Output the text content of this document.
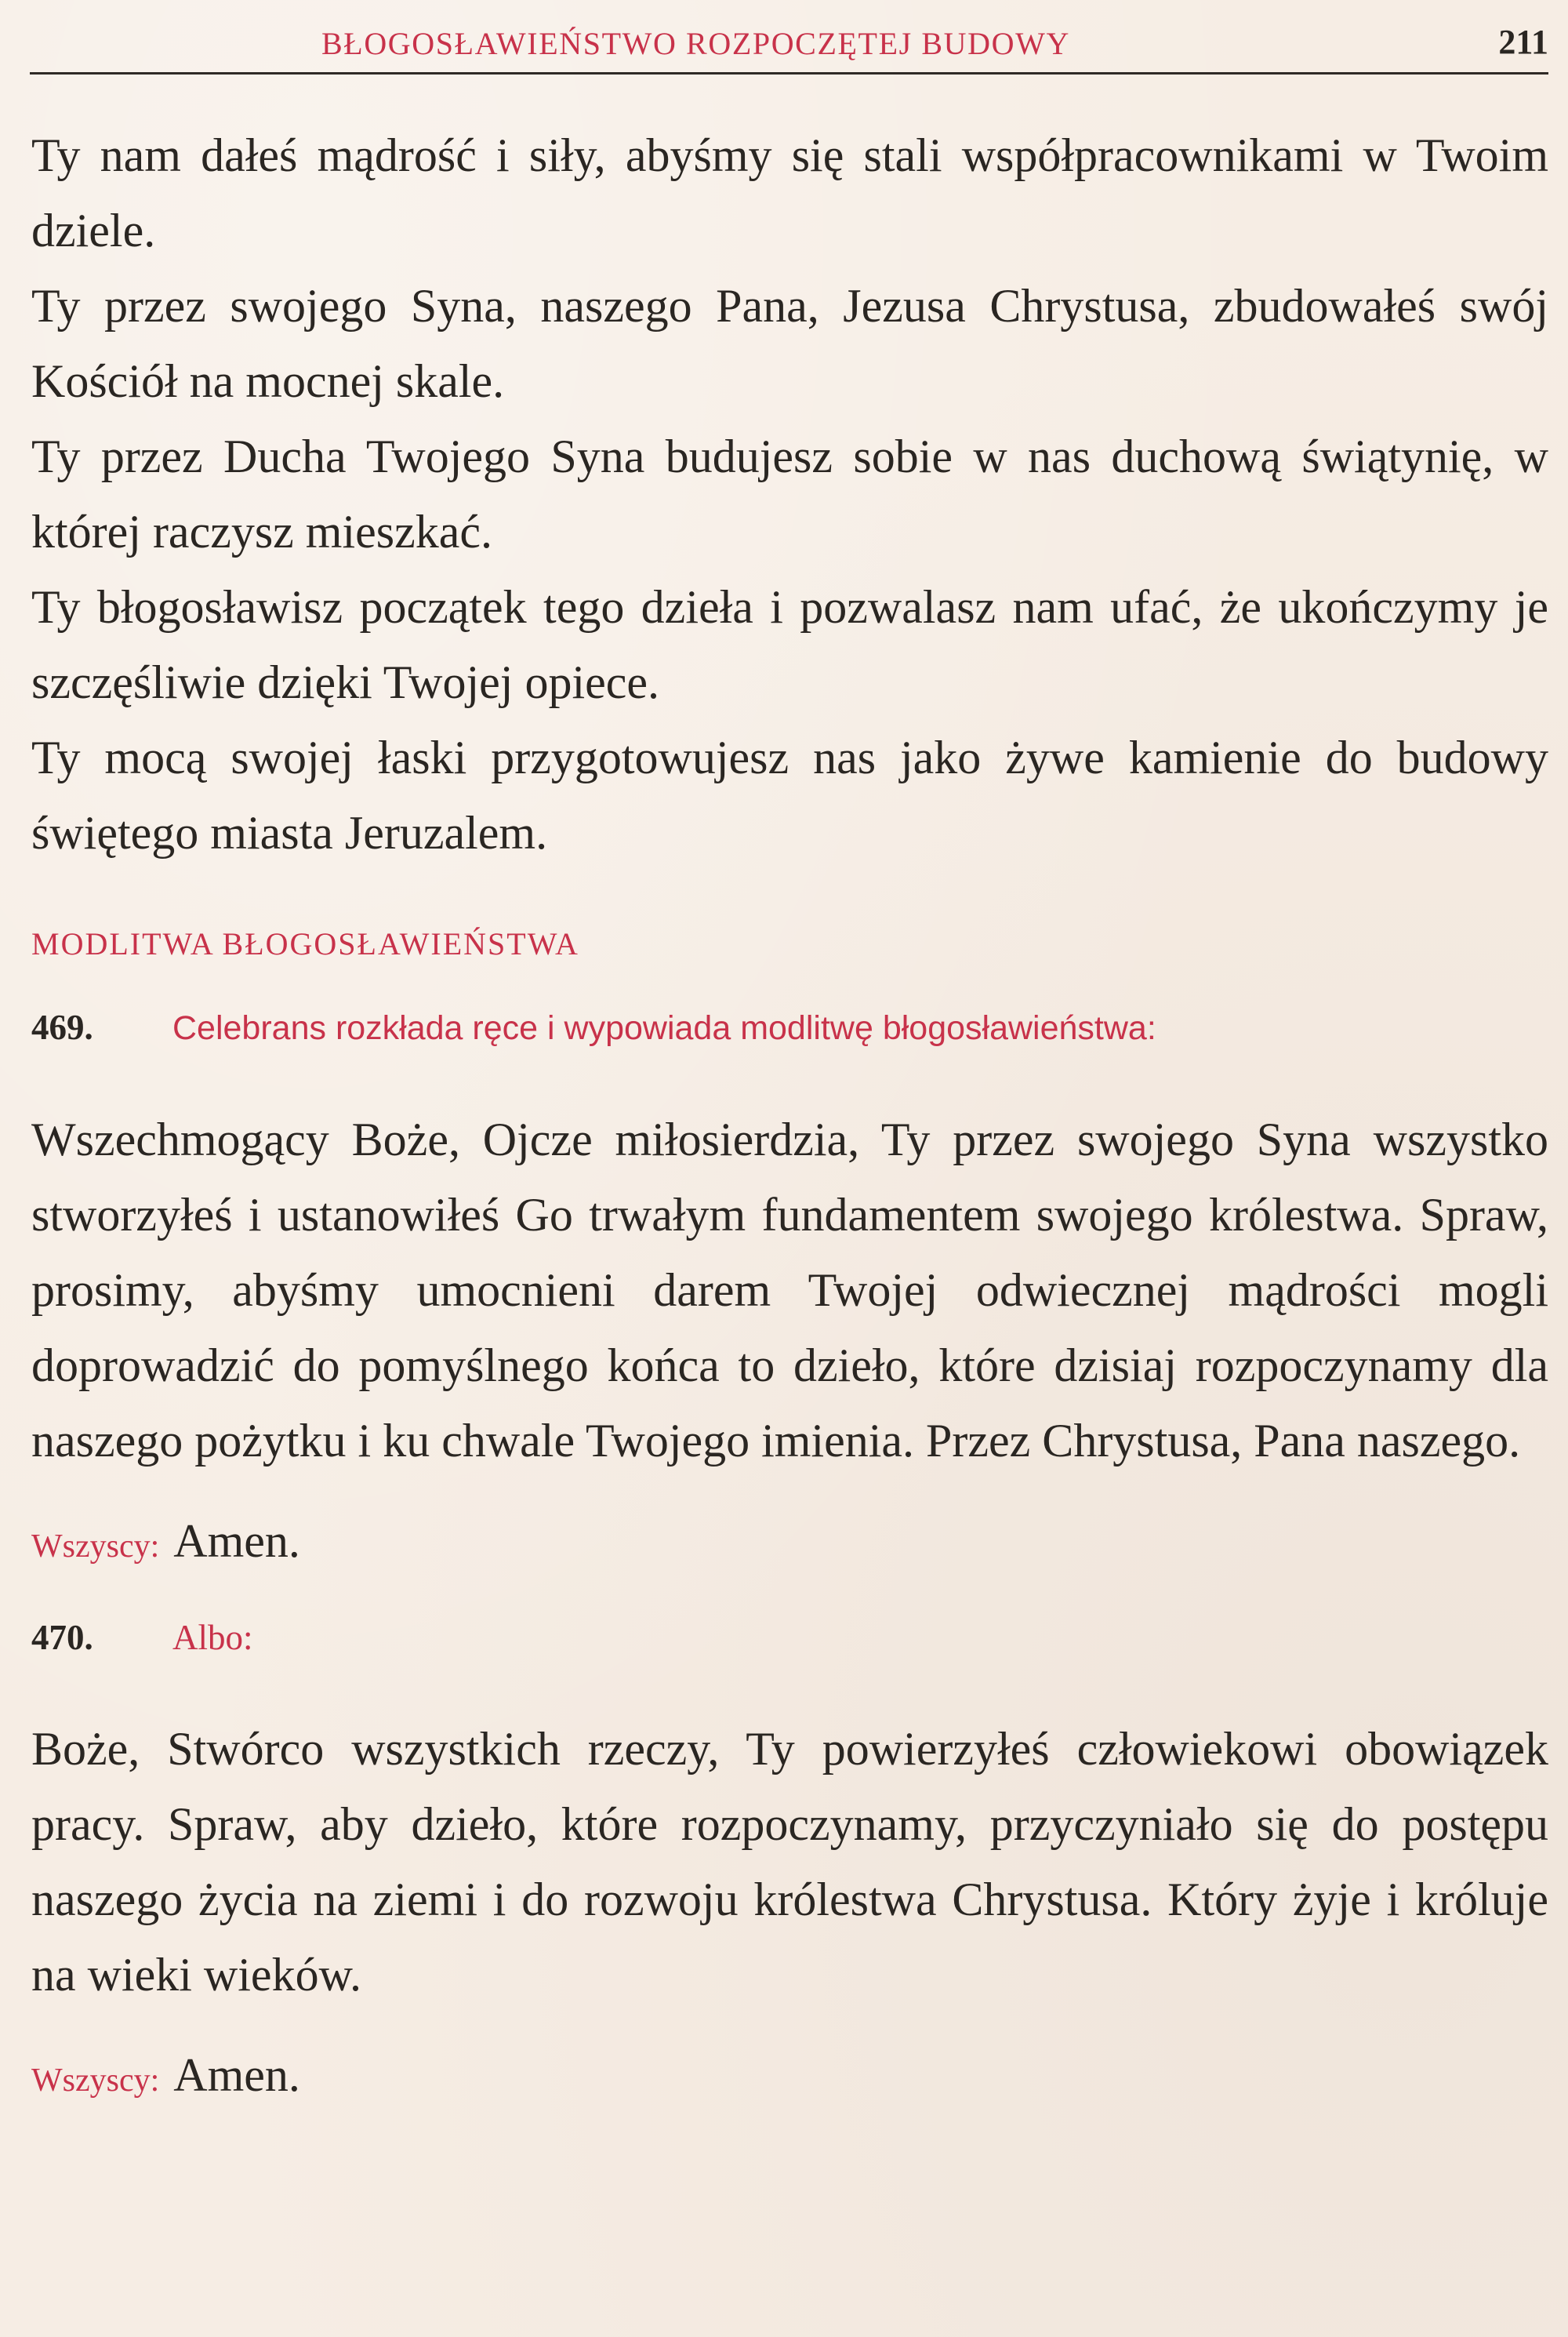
BŁOGOSŁAWIEŃSTWO ROZPOCZĘTEJ BUDOWY	211

Ty nam dałeś mądrość i siły, abyśmy się stali współpracownikami w Twoim dziele.

Ty przez swojego Syna, naszego Pana, Jezusa Chrystusa, zbudowałeś swój Kościół na mocnej skale.

Ty przez Ducha Twojego Syna budujesz sobie w nas duchową świątynię, w której raczysz mieszkać.

Ty błogosławisz początek tego dzieła i pozwalasz nam ufać, że ukończymy je szczęśliwie dzięki Twojej opiece.

Ty mocą swojej łaski przygotowujesz nas jako żywe kamienie do budowy świętego miasta Jeruzalem.

MODLITWA BŁOGOSŁAWIEŃSTWA
469. Celebrans rozkłada ręce i wypowiada modlitwę błogosławieństwa:

Wszechmogący Boże, Ojcze miłosierdzia, Ty przez swojego Syna wszystko stworzyłeś i ustanowiłeś Go trwałym fundamentem swojego królestwa. Spraw, prosimy, abyśmy umocnieni darem Twojej odwiecznej mądrości mogli doprowadzić do pomyślnego końca to dzieło, które dzisiaj rozpoczynamy dla naszego pożytku i ku chwale Twojego imienia. Przez Chrystusa, Pana naszego.

Wszyscy: Amen.
470. Albo:

Boże, Stwórco wszystkich rzeczy, Ty powierzyłeś człowiekowi obowiązek pracy. Spraw, aby dzieło, które rozpoczynamy, przyczyniało się do postępu naszego życia na ziemi i do rozwoju królestwa Chrystusa. Który żyje i króluje na wieki wieków.

Wszyscy: Amen.
